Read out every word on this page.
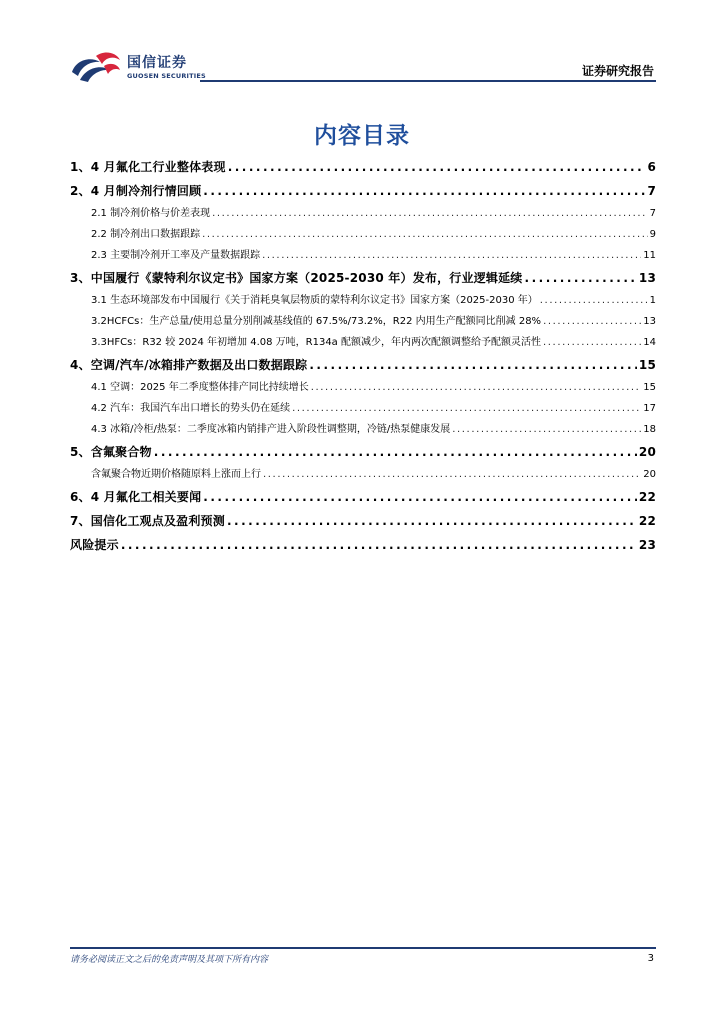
国信证券
GUOSEN SECURITIES	证券研究报告
内容目录
1、4 月氟化工行业整体表现 .....	6
2、4 月制冷剂行情回顾 .....	7
2.1 制冷剂价格与价差表现 .....	7
2.2 制冷剂出口数据跟踪 .....	9
2.3 主要制冷剂开工率及产量数据跟踪 .....	11
3、中国履行《蒙特利尔议定书》国家方案（2025-2030 年）发布，行业逻辑延续 .....	13
3.1 生态环境部发布中国履行《关于消耗臭氧层物质的蒙特利尔议定书》国家方案（2025-2030 年） .....	1
3.2HCFCs：生产总量/使用总量分别削减基线值的 67.5%/73.2%，R22 内用生产配额同比削减 28% .....	13
3.3HFCs：R32 较 2024 年初增加 4.08 万吨，R134a 配额减少，年内两次配额调整给予配额灵活性 .....	14
4、空调/汽车/冰箱排产数据及出口数据跟踪 .....	15
4.1 空调：2025 年二季度整体排产同比持续增长 .....	15
4.2 汽车：我国汽车出口增长的势头仍在延续 .....	17
4.3 冰箱/冷柜/热泵：二季度冰箱内销排产进入阶段性调整期，冷链/热泵健康发展 .....	18
5、含氟聚合物 .....	20
含氟聚合物近期价格随原料上涨而上行 .....	20
6、4 月氟化工相关要闻 .....	22
7、国信化工观点及盈利预测 .....	22
风险提示 .....	23
请务必阅读正文之后的免责声明及其项下所有内容	3
